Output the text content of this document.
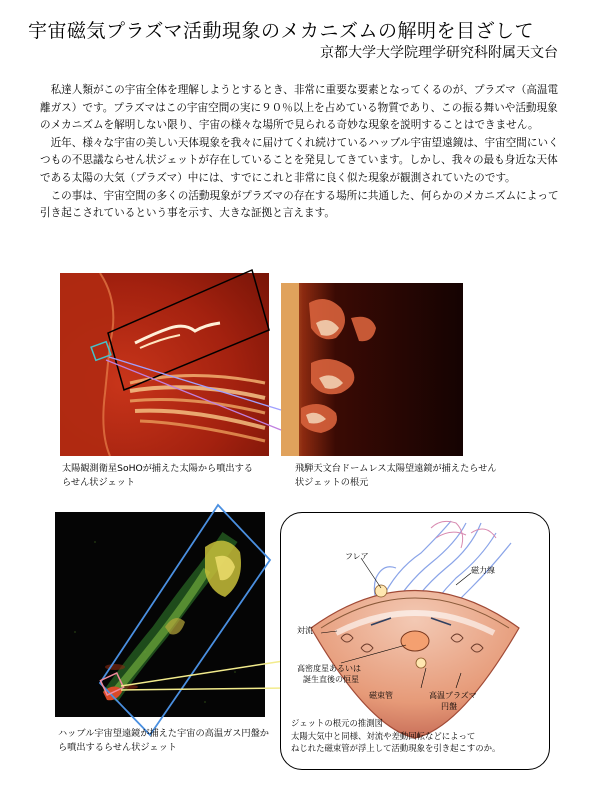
宇宙磁気プラズマ活動現象のメカニズムの解明を目ざして
京都大学大学院理学研究科附属天文台

私達人類がこの宇宙全体を理解しようとするとき、非常に重要な要素となってくるのが、プラズマ（高温電離ガス）です。プラズマはこの宇宙空間の実に９０％以上を占めている物質であり、この振る舞いや活動現象のメカニズムを解明しない限り、宇宙の様々な場所で見られる奇妙な現象を説明することはできません。

近年、様々な宇宙の美しい天体現象を我々に届けてくれ続けているハッブル宇宙望遠鏡は、宇宙空間にいくつもの不思議ならせん状ジェットが存在していることを発見してきています。しかし、我々の最も身近な天体である太陽の大気（プラズマ）中には、すでにこれと非常に良く似た現象が観測されていたのです。

この事は、宇宙空間の多くの活動現象がプラズマの存在する場所に共通した、何らかのメカニズムによって引き起こされているという事を示す、大きな証拠と言えます。

太陽観測衛星SoHOが捕えた太陽から噴出するらせん状ジェット
飛騨天文台ドームレス太陽望遠鏡が捕えたらせん状ジェットの根元
ハッブル宇宙望遠鏡が捕えた宇宙の高温ガス円盤から噴出するらせん状ジェット
フレア
磁力線
対流
高密度星あるいは
誕生直後の恒星
磁束管	高温プラズマ
円盤
ジェットの根元の推測図
太陽大気中と同様、対流や差動回転などによって
ねじれた磁束管が浮上して活動現象を引き起こすのか。
